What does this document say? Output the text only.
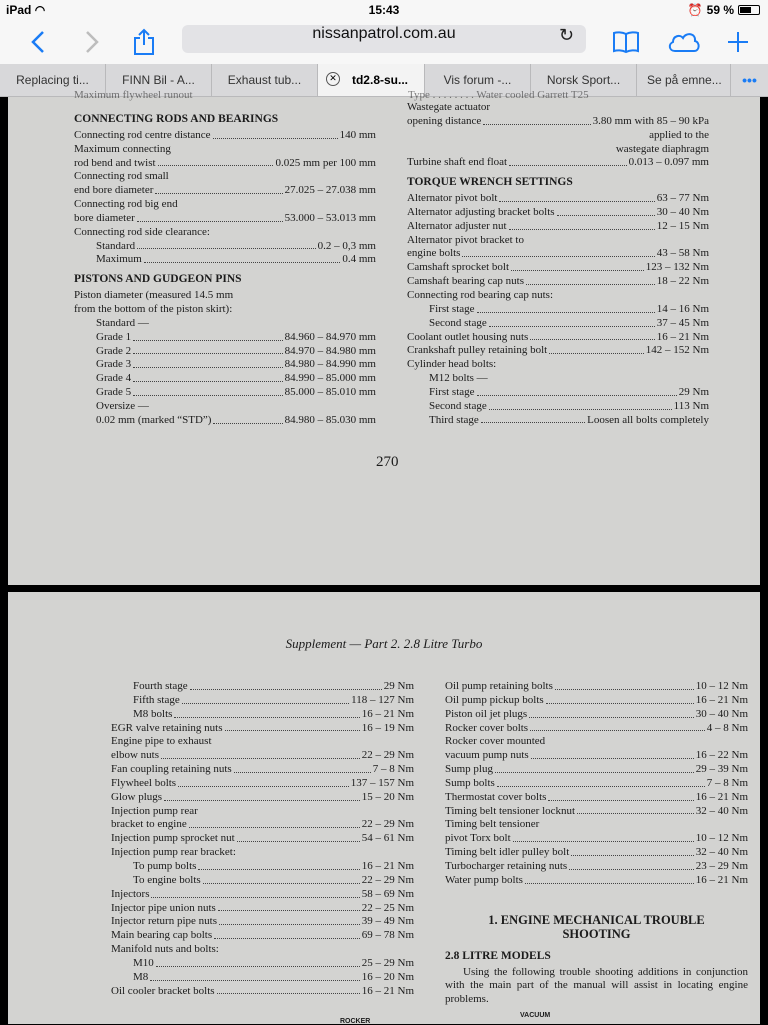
iPad ◠	15:43	⏰ 59 %
nissanpatrol.com.au	↻
Replacing ti...	FINN Bil - A...	Exhaust tub...	✕	td2.8-su...	Vis forum -...	Norsk Sport...	Se på emne...	•••
Maximum flywheel runout	Type . . . . . . . . Water cooled Garrett T25
CONNECTING RODS AND BEARINGS
Connecting rod centre distance	140 mm
Maximum connecting
rod bend and twist	0.025 mm per 100 mm
Connecting rod small
end bore diameter	27.025 – 27.038 mm
Connecting rod big end
bore diameter	53.000 – 53.013 mm
Connecting rod side clearance:
Standard	0.2 – 0,3 mm
Maximum	0.4 mm
PISTONS AND GUDGEON PINS
Piston diameter (measured 14.5 mm
from the bottom of the piston skirt):
Standard —
Grade 1	84.960 – 84.970 mm
Grade 2	84.970 – 84.980 mm
Grade 3	84.980 – 84.990 mm
Grade 4	84.990 – 85.000 mm
Grade 5	85.000 – 85.010 mm
Oversize —
0.02 mm (marked “STD”)	84.980 – 85.030 mm
Wastegate actuator
opening distance	3.80 mm with 85 – 90 kPa
applied to the
wastegate diaphragm
Turbine shaft end float	0.013 – 0.097 mm
TORQUE WRENCH SETTINGS
Alternator pivot bolt	63 – 77 Nm
Alternator adjusting bracket bolts	30 – 40 Nm
Alternator adjuster nut	12 – 15 Nm
Alternator pivot bracket to
engine bolts	43 – 58 Nm
Camshaft sprocket bolt	123 – 132 Nm
Camshaft bearing cap nuts	18 – 22 Nm
Connecting rod bearing cap nuts:
First stage	14 – 16 Nm
Second stage	37 – 45 Nm
Coolant outlet housing nuts	16 – 21 Nm
Crankshaft pulley retaining bolt	142 – 152 Nm
Cylinder head bolts:
M12 bolts —
First stage	29 Nm
Second stage	113 Nm
Third stage	Loosen all bolts completely
270
Supplement — Part 2. 2.8 Litre Turbo
Fourth stage	29 Nm
Fifth stage	118 – 127 Nm
M8 bolts	16 – 21 Nm
EGR valve retaining nuts	16 – 19 Nm
Engine pipe to exhaust
elbow nuts	22 – 29 Nm
Fan coupling retaining nuts	7 – 8 Nm
Flywheel bolts	137 – 157 Nm
Glow plugs	15 – 20 Nm
Injection pump rear
bracket to engine	22 – 29 Nm
Injection pump sprocket nut	54 – 61 Nm
Injection pump rear bracket:
To pump bolts	16 – 21 Nm
To engine bolts	22 – 29 Nm
Injectors	58 – 69 Nm
Injector pipe union nuts	22 – 25 Nm
Injector return pipe nuts	39 – 49 Nm
Main bearing cap bolts	69 – 78 Nm
Manifold nuts and bolts:
M10	25 – 29 Nm
M8	16 – 20 Nm
Oil cooler bracket bolts	16 – 21 Nm
Oil pump retaining bolts	10 – 12 Nm
Oil pump pickup bolts	16 – 21 Nm
Piston oil jet plugs	30 – 40 Nm
Rocker cover bolts	4 – 8 Nm
Rocker cover mounted
vacuum pump nuts	16 – 22 Nm
Sump plug	29 – 39 Nm
Sump bolts	7 – 8 Nm
Thermostat cover bolts	16 – 21 Nm
Timing belt tensioner locknut	32 – 40 Nm
Timing belt tensioner
pivot Torx bolt	10 – 12 Nm
Timing belt idler pulley bolt	32 – 40 Nm
Turbocharger retaining nuts	23 – 29 Nm
Water pump bolts	16 – 21 Nm
1. ENGINE MECHANICAL TROUBLE
SHOOTING
2.8 LITRE MODELS
Using the following trouble shooting additions in conjunction with the main part of the manual will assist in locating engine problems.
ROCKER
VACUUM
